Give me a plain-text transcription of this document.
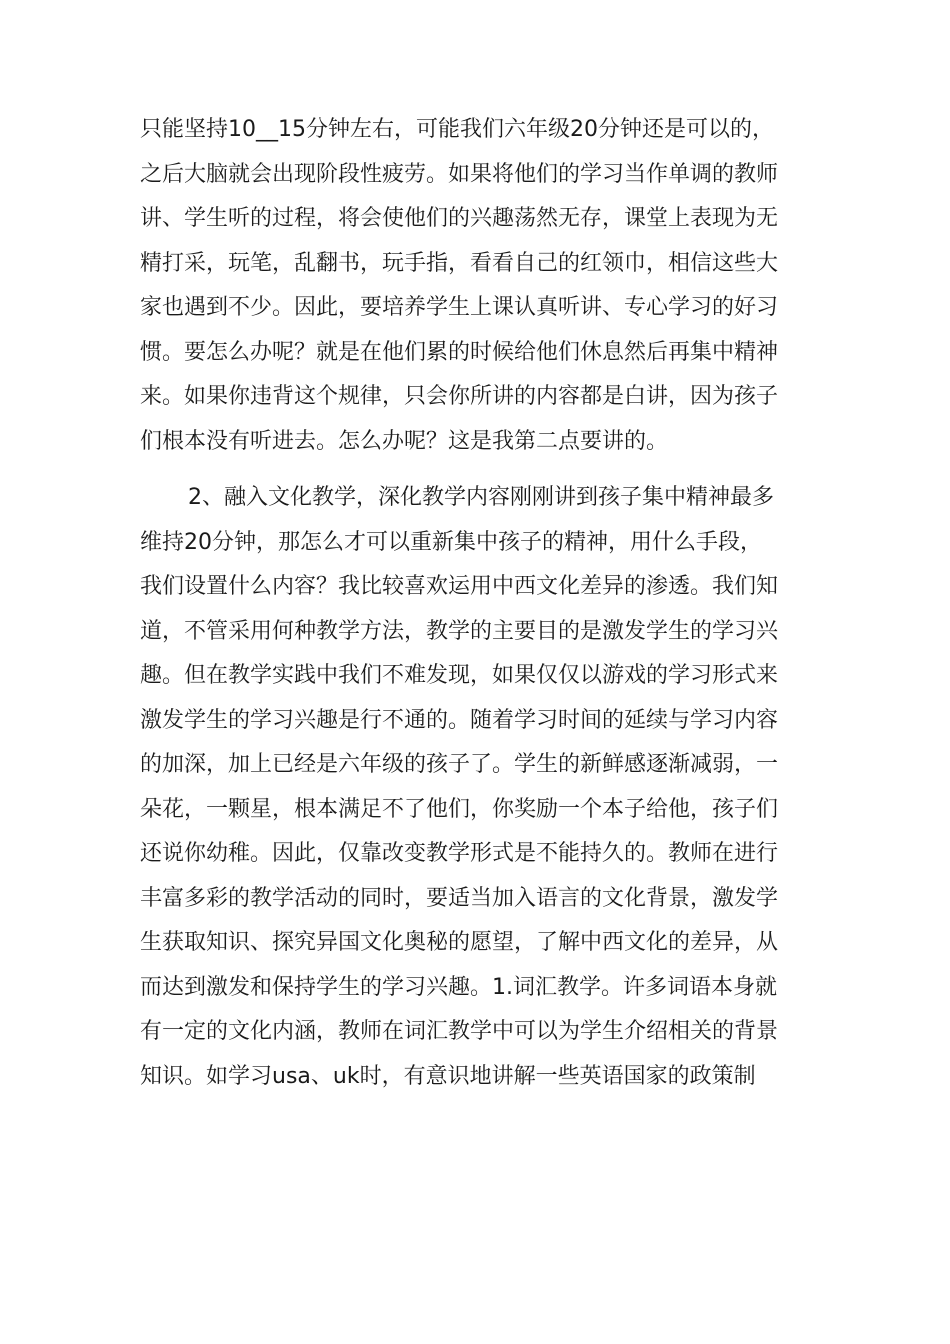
只能坚持10__15分钟左右，可能我们六年级20分钟还是可以的，
之后大脑就会出现阶段性疲劳。如果将他们的学习当作单调的教师
讲、学生听的过程，将会使他们的兴趣荡然无存，课堂上表现为无
精打采，玩笔，乱翻书，玩手指，看看自己的红领巾，相信这些大
家也遇到不少。因此，要培养学生上课认真听讲、专心学习的好习
惯。要怎么办呢？就是在他们累的时候给他们休息然后再集中精神
来。如果你违背这个规律，只会你所讲的内容都是白讲，因为孩子
们根本没有听进去。怎么办呢？这是我第二点要讲的。
2、融入文化教学，深化教学内容刚刚讲到孩子集中精神最多
维持20分钟，那怎么才可以重新集中孩子的精神，用什么手段，
我们设置什么内容？我比较喜欢运用中西文化差异的渗透。我们知
道，不管采用何种教学方法，教学的主要目的是激发学生的学习兴
趣。但在教学实践中我们不难发现，如果仅仅以游戏的学习形式来
激发学生的学习兴趣是行不通的。随着学习时间的延续与学习内容
的加深，加上已经是六年级的孩子了。学生的新鲜感逐渐减弱，一
朵花，一颗星，根本满足不了他们，你奖励一个本子给他，孩子们
还说你幼稚。因此，仅靠改变教学形式是不能持久的。教师在进行
丰富多彩的教学活动的同时，要适当加入语言的文化背景，激发学
生获取知识、探究异国文化奥秘的愿望，了解中西文化的差异，从
而达到激发和保持学生的学习兴趣。1.词汇教学。许多词语本身就
有一定的文化内涵，教师在词汇教学中可以为学生介绍相关的背景
知识。如学习usa、uk时，有意识地讲解一些英语国家的政策制
